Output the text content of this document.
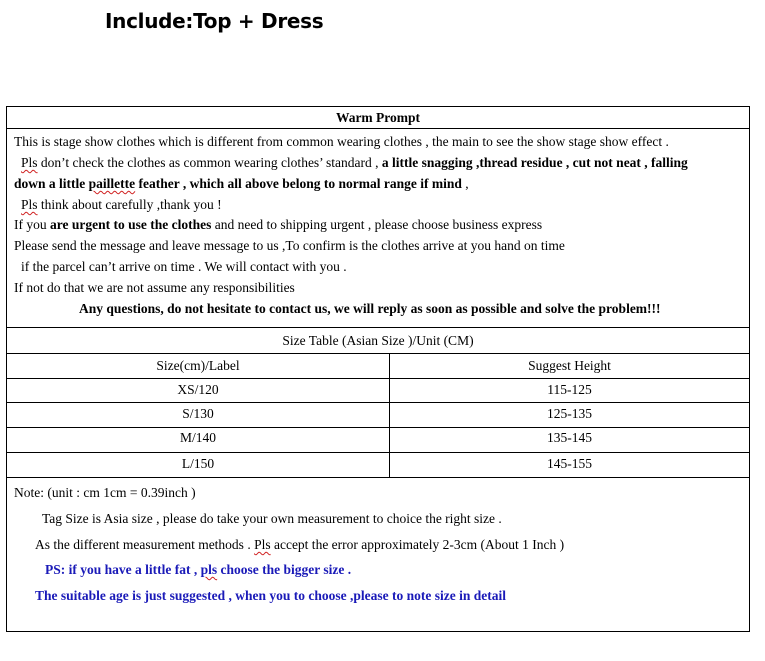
Include:Top + Dress
Warm Prompt
This is stage show clothes which is different from common wearing clothes , the main to see the show stage show effect .
Pls don’t check the clothes as common wearing clothes’ standard , a little snagging ,thread residue , cut not neat , falling
down a little paillette feather , which all above belong to normal range if mind ,
Pls think about carefully ,thank you !
If you are urgent to use the clothes and need to shipping urgent , please choose business express
Please send the message and leave message to us ,To confirm is the clothes arrive at you hand on time
if the parcel can’t arrive on time . We will contact with you .
If not do that we are not assume any responsibilities
Any questions, do not hesitate to contact us, we will reply as soon as possible and solve the problem!!!
Size Table (Asian Size )/Unit (CM)
Size(cm)/Label	Suggest Height
XS/120	115-125
S/130	125-135
M/140	135-145
L/150	145-155
Note: (unit : cm 1cm = 0.39inch )
Tag Size is Asia size , please do take your own measurement to choice the right size .
As the different measurement methods . Pls accept the error approximately 2-3cm (About 1 Inch )
PS: if you have a little fat , pls choose the bigger size .
The suitable age is just suggested , when you to choose ,please to note size in detail
